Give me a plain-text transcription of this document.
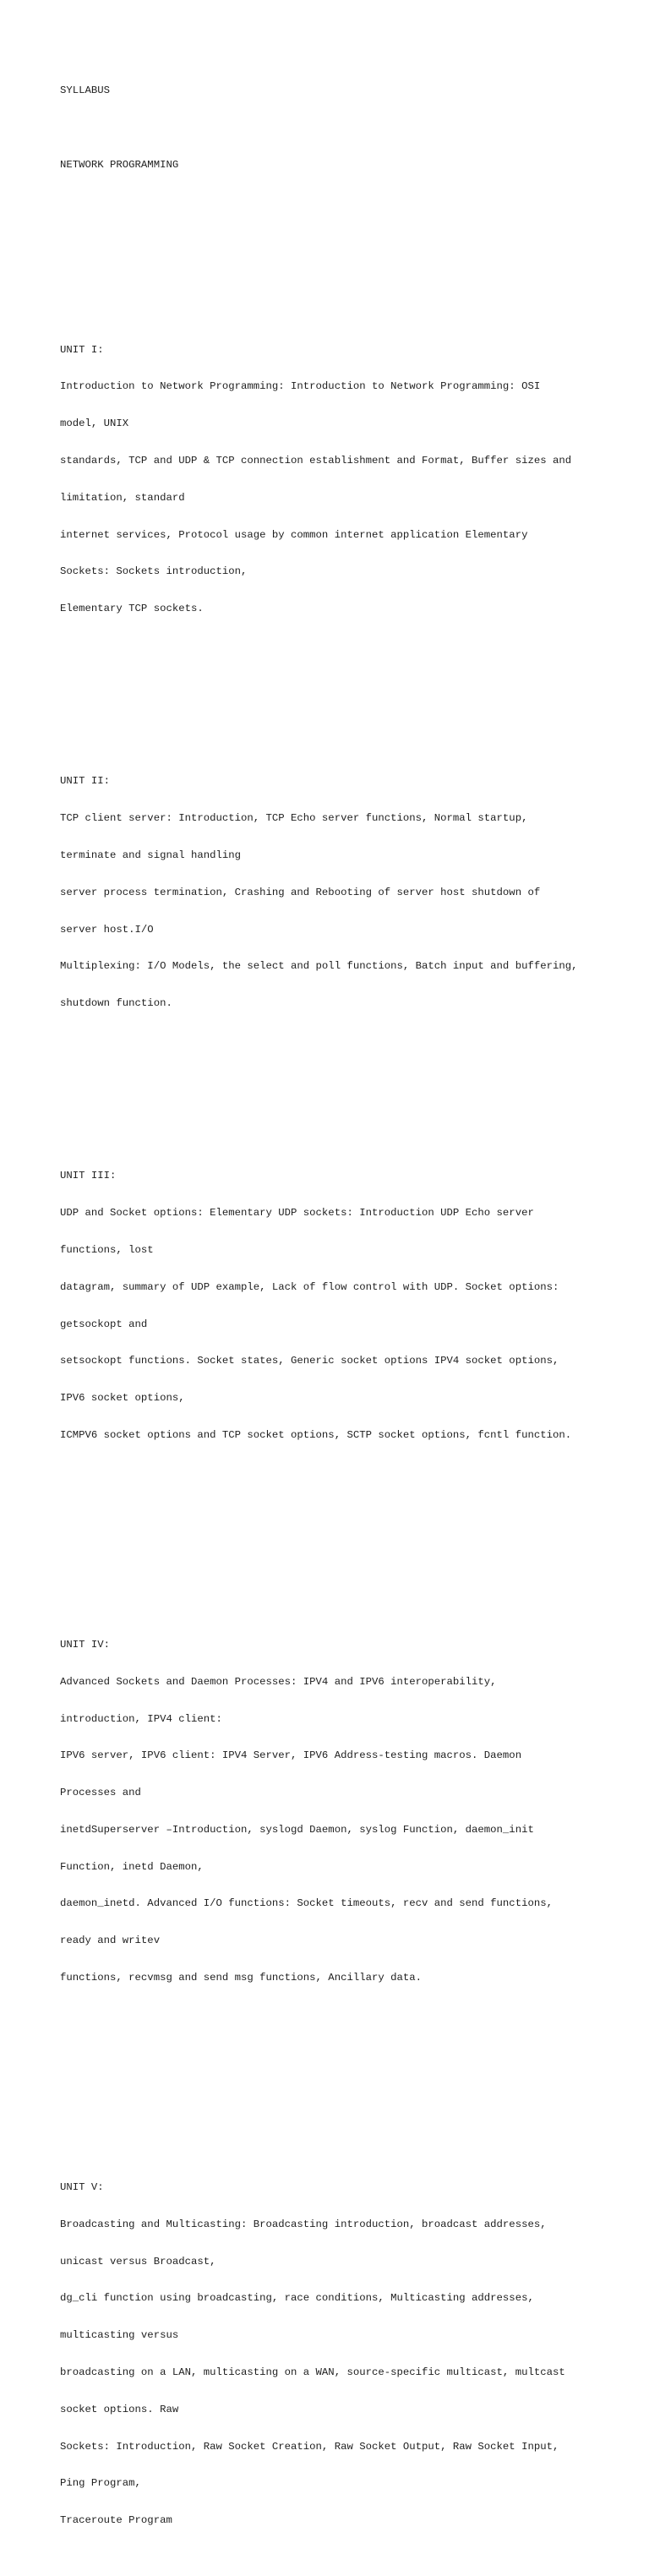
SYLLABUS

NETWORK PROGRAMMING

UNIT I:

Introduction to Network Programming: Introduction to Network Programming: OSI

model, UNIX

standards, TCP and UDP & TCP connection establishment and Format, Buffer sizes and

limitation, standard

internet services, Protocol usage by common internet application Elementary

Sockets: Sockets introduction,

Elementary TCP sockets.

UNIT II:

TCP client server: Introduction, TCP Echo server functions, Normal startup,

terminate and signal handling

server process termination, Crashing and Rebooting of server host shutdown of

server host.I/O

Multiplexing: I/O Models, the select and poll functions, Batch input and buffering,

shutdown function.

UNIT III:

UDP and Socket options: Elementary UDP sockets: Introduction UDP Echo server

functions, lost

datagram, summary of UDP example, Lack of flow control with UDP. Socket options:

getsockopt and

setsockopt functions. Socket states, Generic socket options IPV4 socket options,

IPV6 socket options,

ICMPV6 socket options and TCP socket options, SCTP socket options, fcntl function.

UNIT IV:

Advanced Sockets and Daemon Processes: IPV4 and IPV6 interoperability,

introduction, IPV4 client:

IPV6 server, IPV6 client: IPV4 Server, IPV6 Address-testing macros. Daemon

Processes and

inetdSuperserver –Introduction, syslogd Daemon, syslog Function, daemon_init

Function, inetd Daemon,

daemon_inetd. Advanced I/O functions: Socket timeouts, recv and send functions,

ready and writev

functions, recvmsg and send msg functions, Ancillary data.

UNIT V:

Broadcasting and Multicasting: Broadcasting introduction, broadcast addresses,

unicast versus Broadcast,

dg_cli function using broadcasting, race conditions, Multicasting addresses,

multicasting versus

broadcasting on a LAN, multicasting on a WAN, source-specific multicast, multcast

socket options. Raw

Sockets: Introduction, Raw Socket Creation, Raw Socket Output, Raw Socket Input,

Ping Program,

Traceroute Program
